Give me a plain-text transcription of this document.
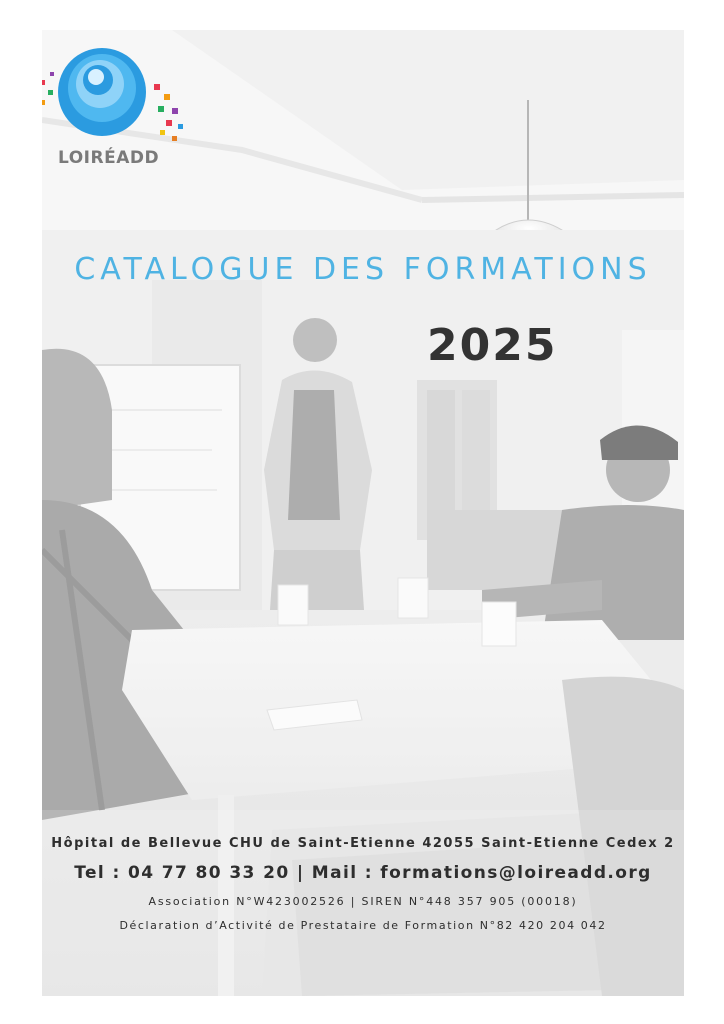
LOIRÉADD
CATALOGUE DES FORMATIONS
2025
Hôpital de Bellevue CHU de Saint-Etienne 42055 Saint-Etienne Cedex 2
Tel : 04 77 80 33 20 | Mail : formations@loireadd.org
Association N°W423002526 | SIREN N°448 357 905 (00018)
Déclaration d’Activité de Prestataire de Formation N°82 420 204 042
